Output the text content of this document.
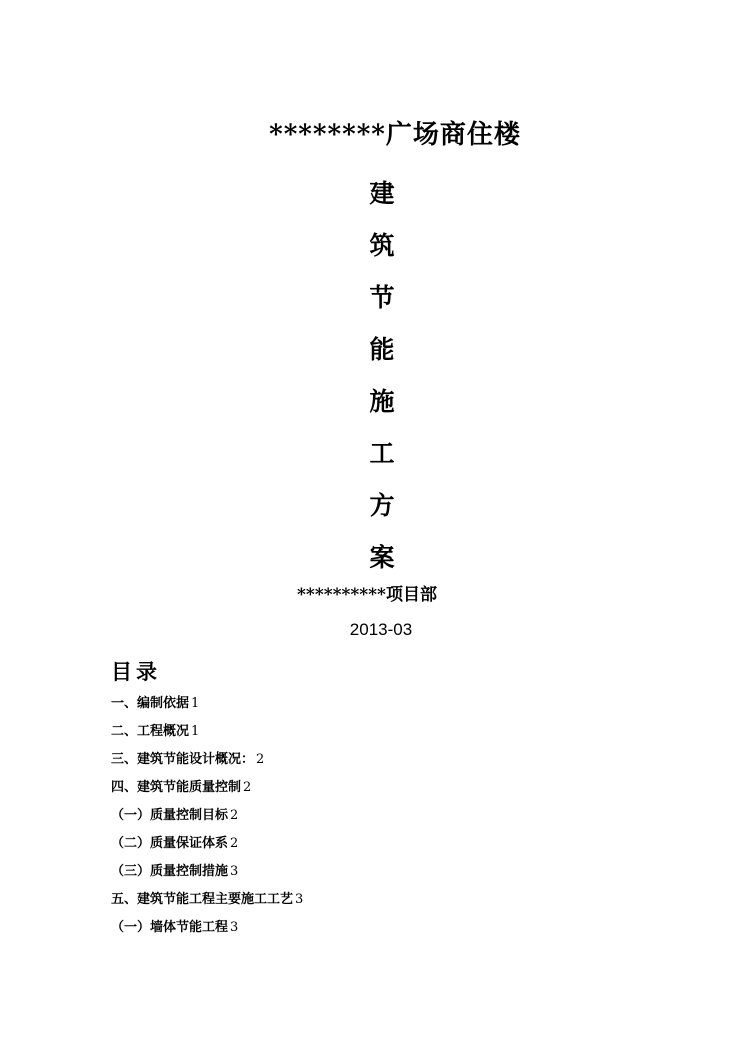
********广场商住楼
建
筑
节
能
施
工
方
案
**********项目部
2013-03
目录
一、编制依据 1
二、工程概况 1
三、建筑节能设计概况： 2
四、建筑节能质量控制 2
（一）质量控制目标 2
（二）质量保证体系 2
（三）质量控制措施 3
五、建筑节能工程主要施工工艺 3
（一）墙体节能工程 3
